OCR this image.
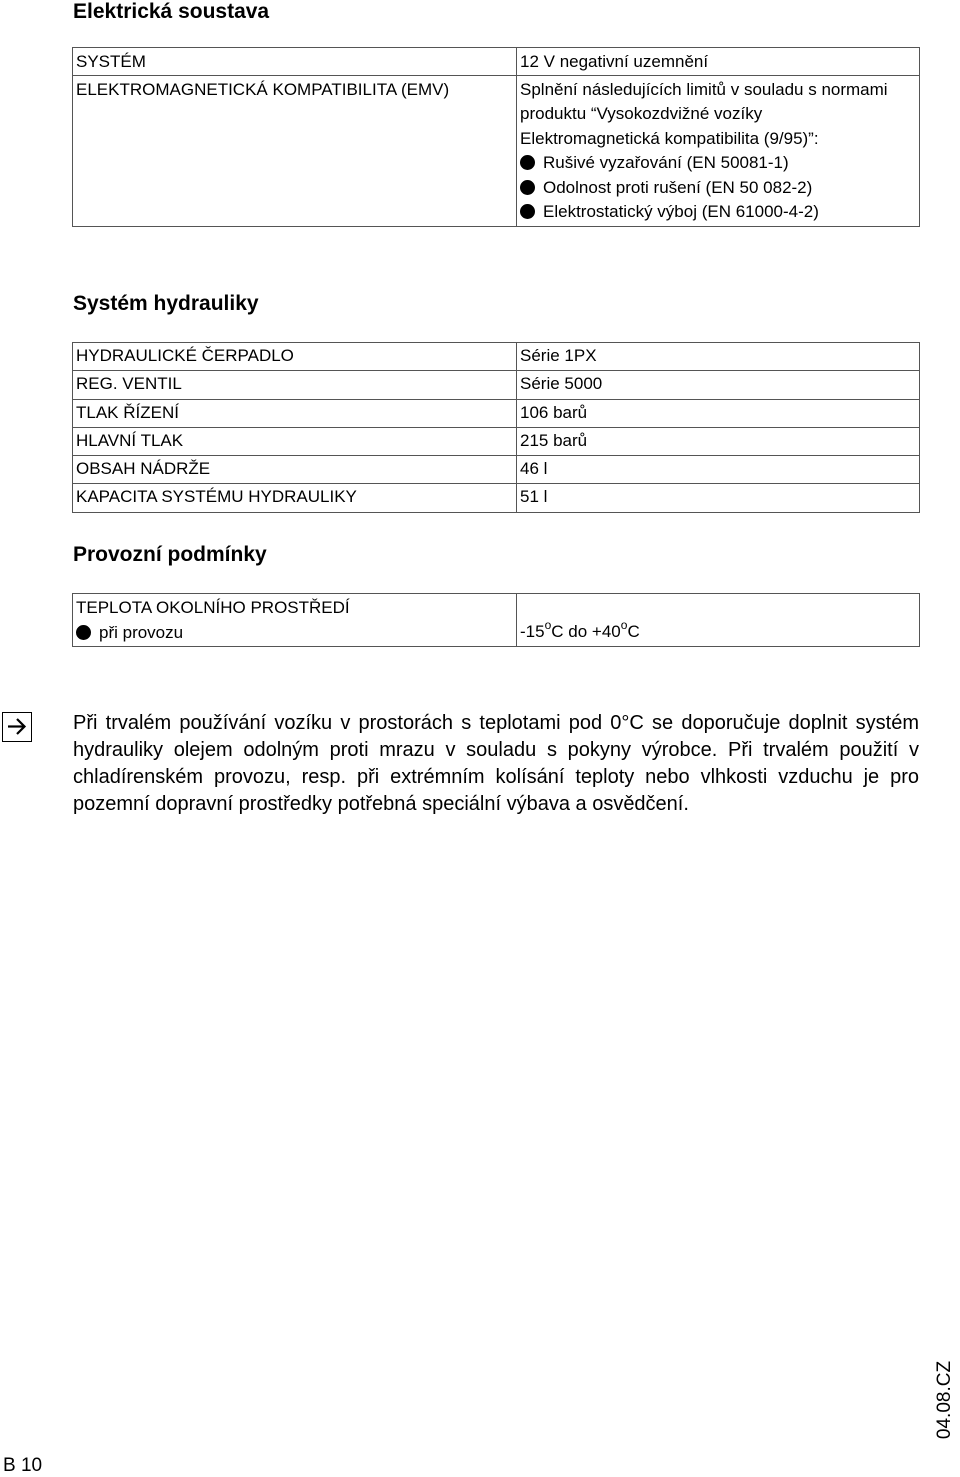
Elektrická soustava
SYSTÉM	12 V negativní uzemnění

ELEKTROMAGNETICKÁ KOMPATIBILITA (EMV)	Splnění následujících limitů v souladu s normami produktu “Vysokozdvižné vozíky Elektromagnetická kompatibilita (9/95)”:
Rušivé vyzařování (EN 50081-1)
Odolnost proti rušení (EN 50 082-2)
Elektrostatický výboj (EN 61000-4-2)
Systém hydrauliky
HYDRAULICKÉ ČERPADLO	Série 1PX
REG. VENTIL	Série 5000
TLAK ŘÍZENÍ	106 barů
HLAVNÍ TLAK	215 barů
OBSAH NÁDRŽE	46 l
KAPACITA SYSTÉMU HYDRAULIKY	51 l
Provozní podmínky
TEPLOTA OKOLNÍHO PROSTŘEDÍ
při provozu	-15$^o$C do $+40^oC$

Při trvalém používání vozíku v prostorách s teplotami pod 0°C se doporučuje doplnit systém hydrauliky olejem odolným proti mrazu v souladu s pokyny výrobce. Při trvalém použití v chladírenském provozu, resp. při extrémním kolísání teploty nebo vlhkosti vzduchu je pro pozemní dopravní prostředky potřebná speciální výbava a osvědčení.

B 10
04.08.CZ
